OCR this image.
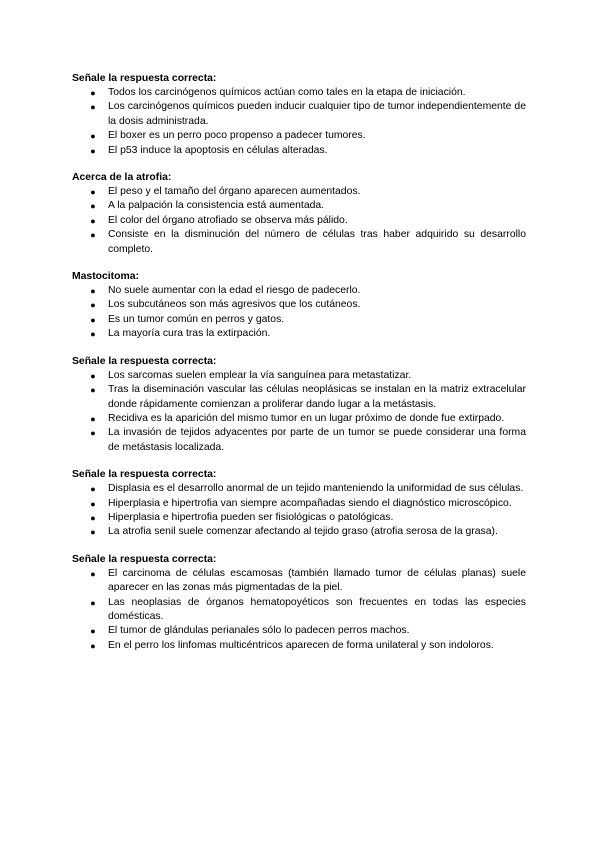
Señale la respuesta correcta:

●	Todos los carcinógenos químicos actúan como tales en la etapa de iniciación.
●	Los carcinógenos químicos pueden inducir cualquier tipo de tumor independientemente de la dosis administrada.
●	El boxer es un perro poco propenso a padecer tumores.
●	El p53 induce la apoptosis en células alteradas.

Acerca de la atrofia:

●	El peso y el tamaño del órgano aparecen aumentados.
●	A la palpación la consistencia está aumentada.
●	El color del órgano atrofiado se observa más pálido.
●	Consiste en la disminución del número de células tras haber adquirido su desarrollo completo.

Mastocitoma:

●	No suele aumentar con la edad el riesgo de padecerlo.
●	Los subcutáneos son más agresivos que los cutáneos.
●	Es un tumor común en perros y gatos.
●	La mayoría cura tras la extirpación.

Señale la respuesta correcta:

●	Los sarcomas suelen emplear la vía sanguínea para metastatizar.
●	Tras la diseminación vascular las células neoplásicas se instalan en la matriz extracelular donde rápidamente comienzan a proliferar dando lugar a la metástasis.
●	Recidiva es la aparición del mismo tumor en un lugar próximo de donde fue extirpado.
●	La invasión de tejidos adyacentes por parte de un tumor se puede considerar una forma de metástasis localizada.

Señale la respuesta correcta:

●	Displasia es el desarrollo anormal de un tejido manteniendo la uniformidad de sus células.
●	Hiperplasia e hipertrofia van siempre acompañadas siendo el diagnóstico microscópico.
●	Hiperplasia e hipertrofia pueden ser fisiológicas o patológicas.
●	La atrofia senil suele comenzar afectando al tejido graso (atrofia serosa de la grasa).

Señale la respuesta correcta:

●	El carcinoma de células escamosas (también llamado tumor de células planas) suele aparecer en las zonas más pigmentadas de la piel.
●	Las neoplasias de órganos hematopoyéticos son frecuentes en todas las especies domésticas.
●	El tumor de glándulas perianales sólo lo padecen perros machos.
●	En el perro los linfomas multicéntricos aparecen de forma unilateral y son indoloros.
